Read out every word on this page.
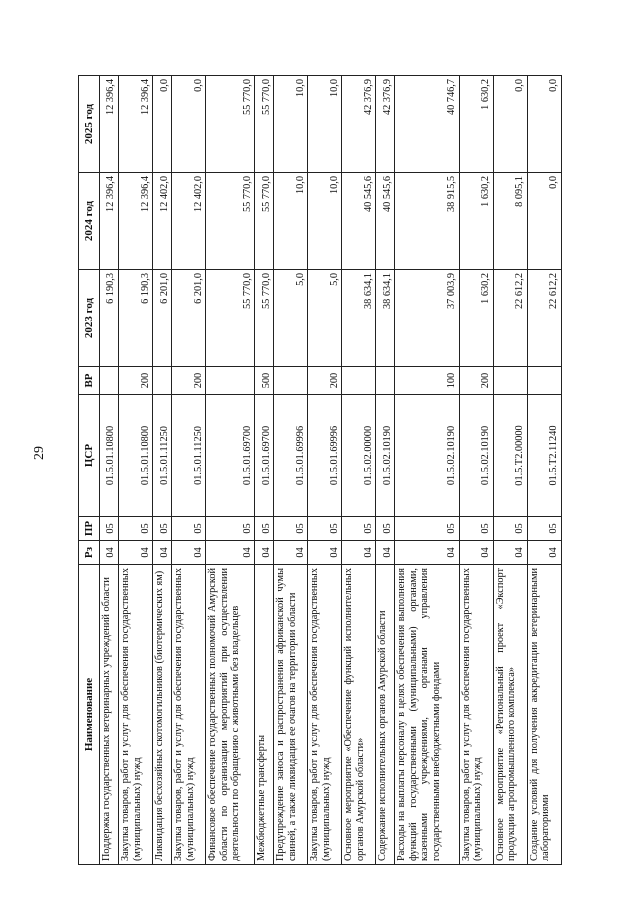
29
Наименование	Рз	ПР	ЦСР	ВР	2023 год	2024 год	2025 год
Поддержка государственных ветеринарных учреждений области	04	05	01.5.01.10800		6 190,3	12 396,4	12 396,4
Закупка товаров, работ и услуг для обеспечения государственных (муниципальных) нужд	04	05	01.5.01.10800	200	6 190,3	12 396,4	12 396,4
Ликвидация бесхозяйных скотомогильников (биотермических ям)	04	05	01.5.01.11250		6 201,0	12 402,0	0,0
Закупка товаров, работ и услуг для обеспечения государственных (муниципальных) нужд	04	05	01.5.01.11250	200	6 201,0	12 402,0	0,0
Финансовое обеспечение государственных полномочий Амурской области по организации мероприятий при осуществлении деятельности по обращению с животными без владельцев	04	05	01.5.01.69700		55 770,0	55 770,0	55 770,0
Межбюджетные трансферты	04	05	01.5.01.69700	500	55 770,0	55 770,0	55 770,0
Предупреждение заноса и распространения африканской чумы свиней, а также ликвидация ее очагов на территории области	04	05	01.5.01.69996		5,0	10,0	10,0
Закупка товаров, работ и услуг для обеспечения государственных (муниципальных) нужд	04	05	01.5.01.69996	200	5,0	10,0	10,0
Основное мероприятие «Обеспечение функций исполнительных органов Амурской области»	04	05	01.5.02.00000		38 634,1	40 545,6	42 376,9
Содержание исполнительных органов Амурской области	04	05	01.5.02.10190		38 634,1	40 545,6	42 376,9
Расходы на выплаты персоналу в целях обеспечения выполнения функций государственными (муниципальными) органами, казенными учреждениями, органами управления государственными внебюджетными фондами	04	05	01.5.02.10190	100	37 003,9	38 915,5	40 746,7
Закупка товаров, работ и услуг для обеспечения государственных (муниципальных) нужд	04	05	01.5.02.10190	200	1 630,2	1 630,2	1 630,2
Основное мероприятие «Региональный проект «Экспорт продукции агропромышленного комплекса»	04	05	01.5.Т2.00000		22 612,2	8 095,1	0,0
Создание условий для получения аккредитации ветеринарными лабораториями	04	05	01.5.Т2.11240		22 612,2	0,0	0,0
